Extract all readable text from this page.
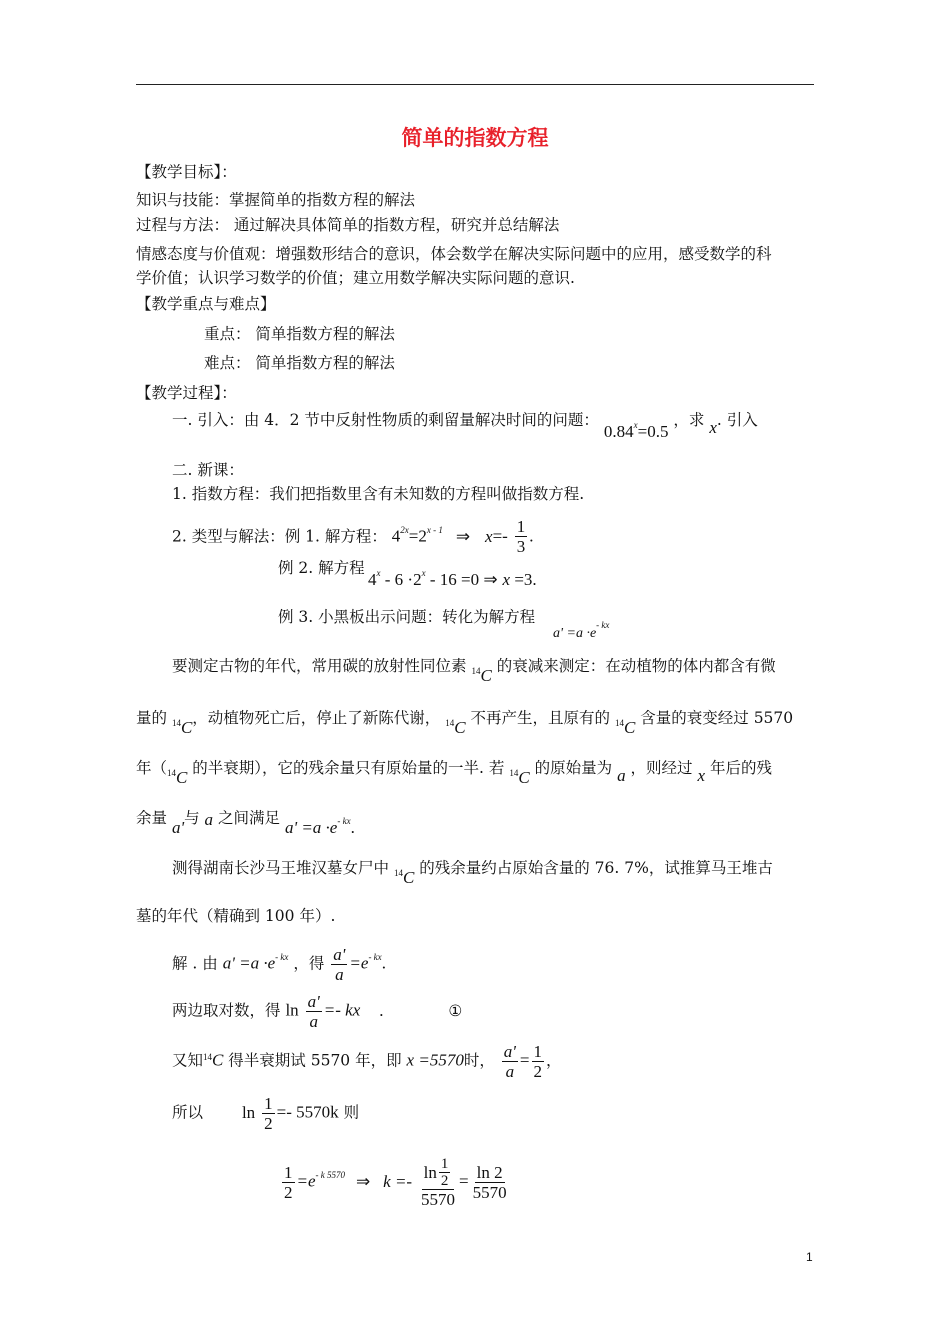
简单的指数方程
【教学目标】：
知识与技能：掌握简单的指数方程的解法
过程与方法： 通过解决具体简单的指数方程，研究并总结解法
情感态度与价值观：增强数形结合的意识，体会数学在解决实际问题中的应用，感受数学的科
学价值；认识学习数学的价值；建立用数学解决实际问题的意识.
【教学重点与难点】
重点： 简单指数方程的解法
难点： 简单指数方程的解法
【教学过程】：
一. 引入：由 4．2 节中反射性物质的剩留量解决时间的问题： $0.84^x=0.5$ ，求 x. 引入
二. 新课：
1. 指数方程：我们把指数里含有未知数的方程叫做指数方程.
2. 类型与解法：例 1. 解方程： $4^{2x}=2^{x - 1}$ ⇒ $x=- \frac{1}{3}$ .
例 2. 解方程
$4^x - 6 \cdot 2^x - 16 =0$ ⇒ x =3.
例 3. 小黑板出示问题：转化为解方程
$a' =a \cdot e^{- kx}$
要测定古物的年代，常用碳的放射性同位素 $^{14}$C 的衰减来测定：在动植物的体内都含有微
量的 $^{14}$C，动植物死亡后，停止了新陈代谢， $^{14}$C 不再产生，且原有的 $^{14}$C 含量的衰变经过 5570
年（$^{14}$C 的半衰期），它的残余量只有原始量的一半. 若 $^{14}$C 的原始量为 a ，则经过 x 年后的残
余量 a'与 a 之间满足 $a' =a \cdot e^{- kx}$.
测得湖南长沙马王堆汉墓女尸中 $^{14}$C 的残余量约占原始含量的 76. 7%，试推算马王堆古
墓的年代（精确到 100 年）.
解 . 由 $a' =a \cdot e^{- kx}$ ，得 $\frac{a'}{a} =e^{- kx}$.
两边取对数，得 $\ln \frac{a'}{a}$ =- kx .	①
又知$^{14}$C 得半衰期试 5570 年，即 x =5570时， $\frac{a'}{a} = \frac{1}{2}$ ，
所以 $\ln \frac{1}{2} =- 5570k$ 则
$\frac{1}{2} =e^{- k 5570}$ ⇒ $k =- \frac{\ln \frac{1}{2}}{5570} = \frac{\ln 2}{5570}$
1
